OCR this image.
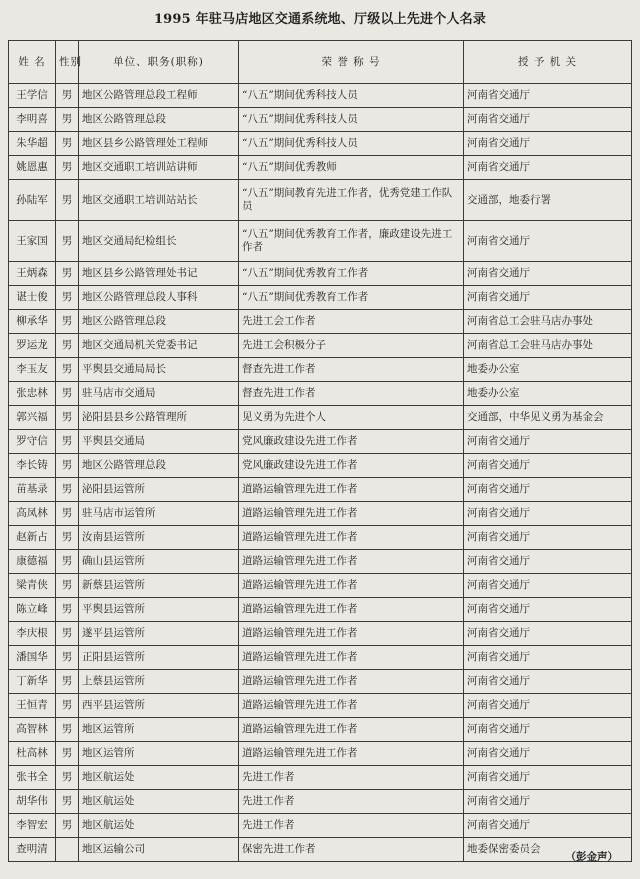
1995 年驻马店地区交通系统地、厅级以上先进个人名录
姓 名	性别	单位、职务(职称)	荣 誉 称 号	授 予 机 关
王学信	男	地区公路管理总段工程师	“八五”期间优秀科技人员	河南省交通厅
李明喜	男	地区公路管理总段	“八五”期间优秀科技人员	河南省交通厅
朱华超	男	地区县乡公路管理处工程师	“八五”期间优秀科技人员	河南省交通厅
姚恩惠	男	地区交通职工培训站讲师	“八五”期间优秀教师	河南省交通厅
孙陆军	男	地区交通职工培训站站长	“八五”期间教育先进工作者，优秀党建工作队员	交通部，地委行署
王家国	男	地区交通局纪检组长	“八五”期间优秀教育工作者，廉政建设先进工作者	河南省交通厅
王炳森	男	地区县乡公路管理处书记	“八五”期间优秀教育工作者	河南省交通厅
谌士俊	男	地区公路管理总段人事科	“八五”期间优秀教育工作者	河南省交通厅
柳承华	男	地区公路管理总段	先进工会工作者	河南省总工会驻马店办事处
罗运龙	男	地区交通局机关党委书记	先进工会积极分子	河南省总工会驻马店办事处
李玉友	男	平舆县交通局局长	督查先进工作者	地委办公室
张忠林	男	驻马店市交通局	督查先进工作者	地委办公室
郭兴福	男	泌阳县县乡公路管理所	见义勇为先进个人	交通部，中华见义勇为基金会
罗守信	男	平舆县交通局	党风廉政建设先进工作者	河南省交通厅
李长铸	男	地区公路管理总段	党风廉政建设先进工作者	河南省交通厅
苗基录	男	泌阳县运管所	道路运输管理先进工作者	河南省交通厅
高凤林	男	驻马店市运管所	道路运输管理先进工作者	河南省交通厅
赵新占	男	汝南县运管所	道路运输管理先进工作者	河南省交通厅
康德福	男	确山县运管所	道路运输管理先进工作者	河南省交通厅
梁青侠	男	新蔡县运管所	道路运输管理先进工作者	河南省交通厅
陈立峰	男	平舆县运管所	道路运输管理先进工作者	河南省交通厅
李庆根	男	遂平县运管所	道路运输管理先进工作者	河南省交通厅
潘国华	男	正阳县运管所	道路运输管理先进工作者	河南省交通厅
丁新华	男	上蔡县运管所	道路运输管理先进工作者	河南省交通厅
王恒青	男	西平县运管所	道路运输管理先进工作者	河南省交通厅
高智林	男	地区运管所	道路运输管理先进工作者	河南省交通厅
杜高林	男	地区运管所	道路运输管理先进工作者	河南省交通厅
张书全	男	地区航运处	先进工作者	河南省交通厅
胡华伟	男	地区航运处	先进工作者	河南省交通厅
李智宏	男	地区航运处	先进工作者	河南省交通厅
查明清		地区运输公司	保密先进工作者	地委保密委员会
（彭金声）
